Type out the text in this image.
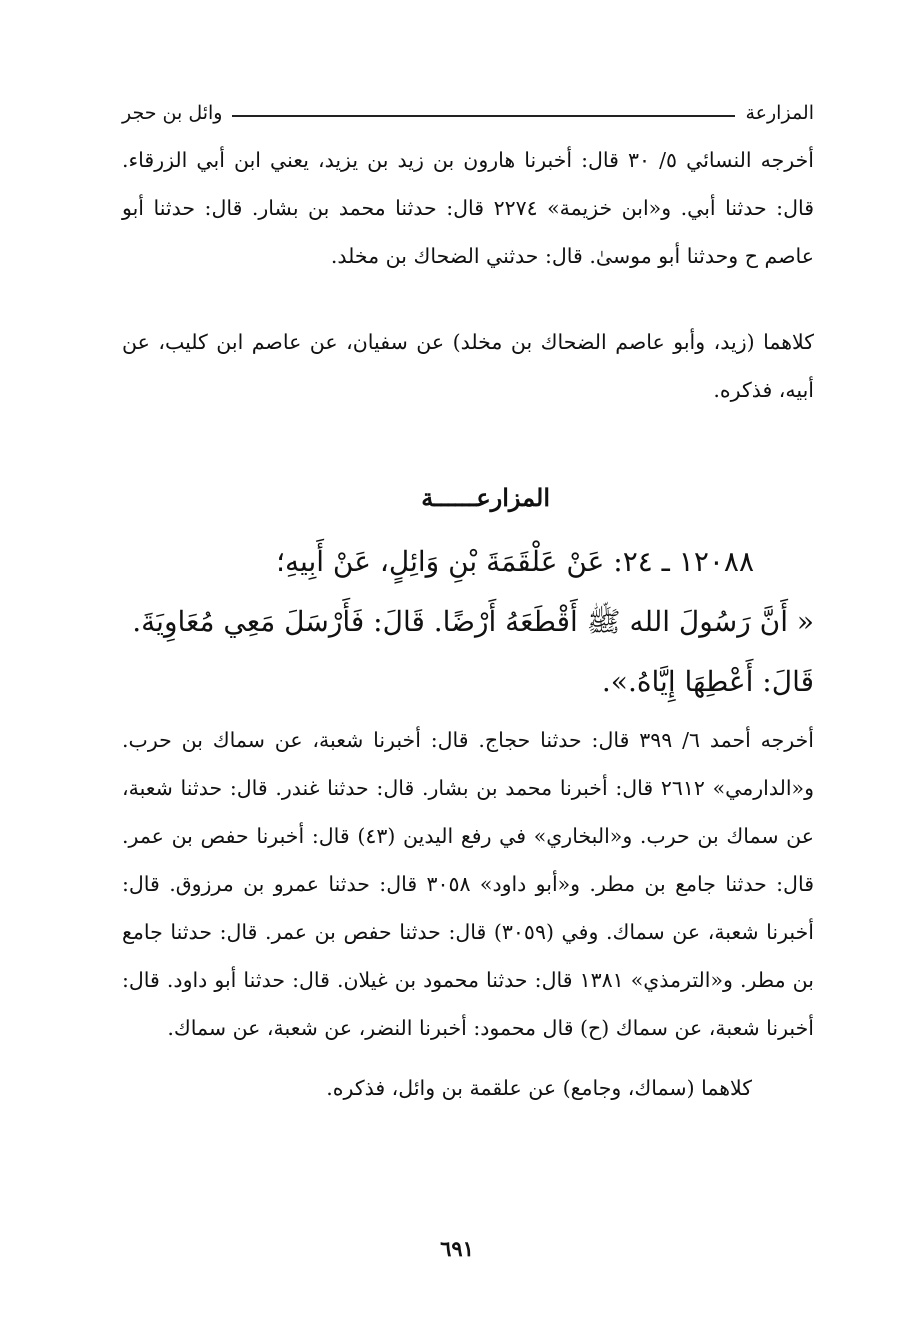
المزارعة
وائل بن حجر
أخرجه النسائي ٥/ ٣٠ قال: أخبرنا هارون بن زيد بن يزيد، يعني ابن أبي الزرقاء. قال: حدثنا أبي. و«ابن خزيمة» ٢٢٧٤ قال: حدثنا محمد بن بشار. قال: حدثنا أبو عاصم ح وحدثنا أبو موسىٰ. قال: حدثني الضحاك بن مخلد.
كلاهما (زيد، وأبو عاصم الضحاك بن مخلد) عن سفيان، عن عاصم ابن كليب، عن أبيه، فذكره.
المزارعــــــة
١٢٠٨٨ ـ ٢٤: عَنْ عَلْقَمَةَ بْنِ وَائِلٍ، عَنْ أَبِيهِ؛
« أَنَّ رَسُولَ الله ﷺ أَقْطَعَهُ أَرْضًا. قَالَ: فَأَرْسَلَ مَعِي مُعَاوِيَةَ.
قَالَ: أَعْطِهَا إِيَّاهُ.».
أخرجه أحمد ٦/ ٣٩٩ قال: حدثنا حجاج. قال: أخبرنا شعبة، عن سماك بن حرب. و«الدارمي» ٢٦١٢ قال: أخبرنا محمد بن بشار. قال: حدثنا غندر. قال: حدثنا شعبة، عن سماك بن حرب. و«البخاري» في رفع اليدين (٤٣) قال: أخبرنا حفص بن عمر. قال: حدثنا جامع بن مطر. و«أبو داود» ٣٠٥٨ قال: حدثنا عمرو بن مرزوق. قال: أخبرنا شعبة، عن سماك. وفي (٣٠٥٩) قال: حدثنا حفص بن عمر. قال: حدثنا جامع بن مطر. و«الترمذي» ١٣٨١ قال: حدثنا محمود بن غيلان. قال: حدثنا أبو داود. قال: أخبرنا شعبة، عن سماك (ح) قال محمود: أخبرنا النضر، عن شعبة، عن سماك.
كلاهما (سماك، وجامع) عن علقمة بن وائل، فذكره.
٦٩١
